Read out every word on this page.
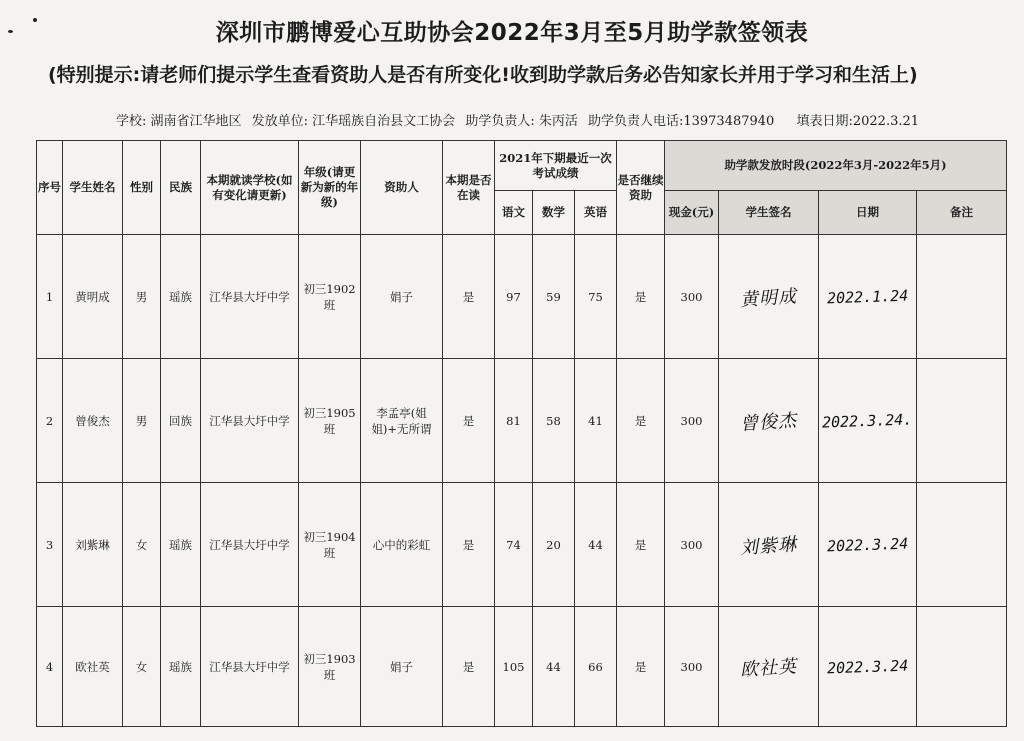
深圳市鹏博爱心互助协会2022年3月至5月助学款签领表
(特别提示:请老师们提示学生查看资助人是否有所变化!收到助学款后务必告知家长并用于学习和生活上)
学校: 湖南省江华地区 发放单位: 江华瑶族自治县文工协会 助学负责人: 朱丙活 助学负责人电话:13973487940 填表日期:2022.3.21
序号	学生姓名	性别	民族	本期就读学校(如有变化请更新)	年级(请更新为新的年级)	资助人	本期是否在读	2021年下期最近一次考试成绩			是否继续资助	助学款发放时段(2022年3月-2022年5月)			
								语文	数学	英语		现金(元)	学生签名	日期	备注
1	黄明成	男	瑶族	江华县大圩中学	初三1902班	娟子	是	97	59	75	是	300	黄明成	2022.1.24	
2	曾俊杰	男	回族	江华县大圩中学	初三1905班	李孟亭(姐姐)+无所谓	是	81	58	41	是	300	曾俊杰	2022.3.24.	
3	刘紫琳	女	瑶族	江华县大圩中学	初三1904班	心中的彩虹	是	74	20	44	是	300	刘紫琳	2022.3.24	
4	欧社英	女	瑶族	江华县大圩中学	初三1903班	娟子	是	105	44	66	是	300	欧社英	2022.3.24	
